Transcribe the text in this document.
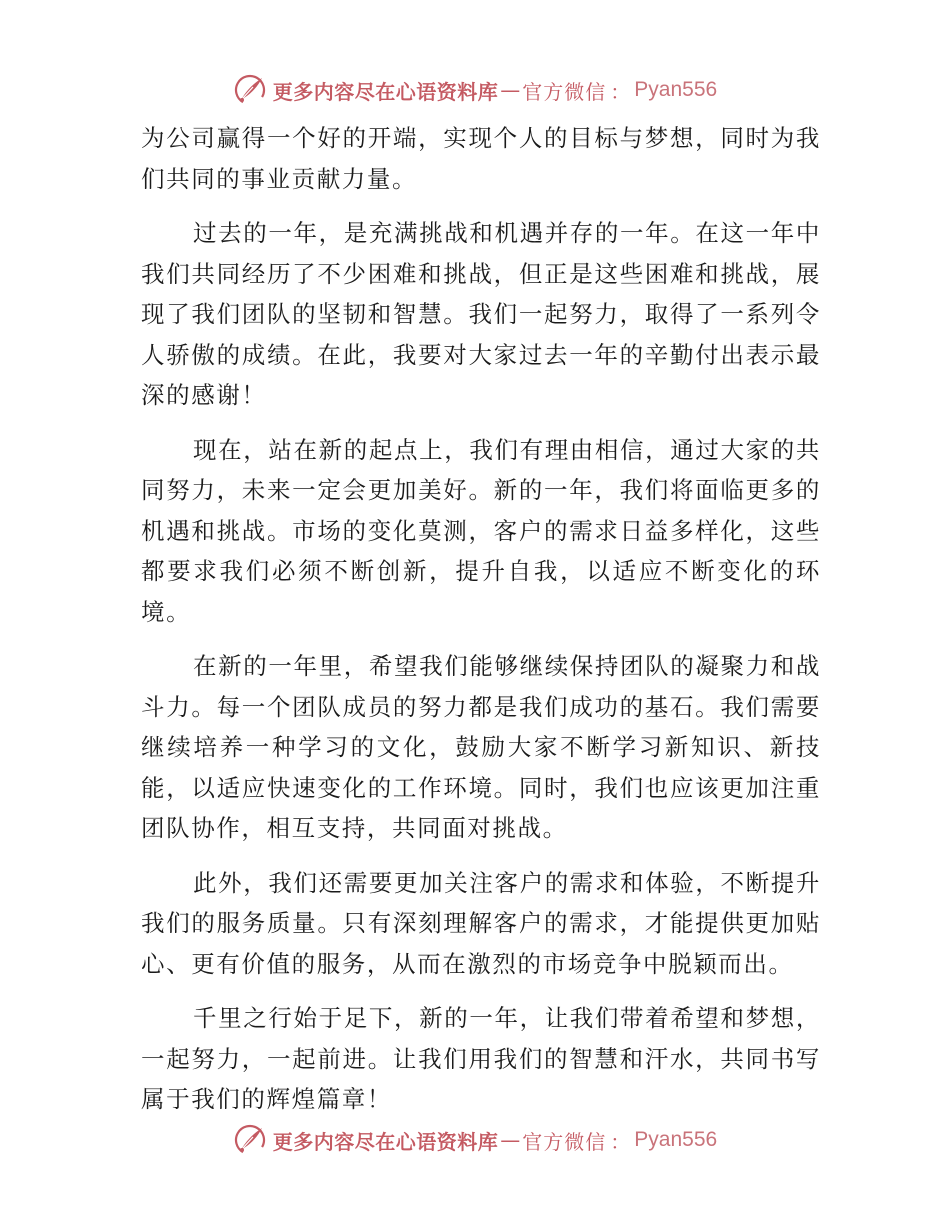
更多内容尽在心语资料库 — 官方微信 ： Pyan556

为公司赢得一个好的开端，实现个人的目标与梦想，同时为我们共同的事业贡献力量。

过去的一年，是充满挑战和机遇并存的一年。在这一年中我们共同经历了不少困难和挑战，但正是这些困难和挑战，展现了我们团队的坚韧和智慧。我们一起努力，取得了一系列令人骄傲的成绩。在此，我要对大家过去一年的辛勤付出表示最深的感谢！

现在，站在新的起点上，我们有理由相信，通过大家的共同努力，未来一定会更加美好。新的一年，我们将面临更多的机遇和挑战。市场的变化莫测，客户的需求日益多样化，这些都要求我们必须不断创新，提升自我，以适应不断变化的环境。

在新的一年里，希望我们能够继续保持团队的凝聚力和战斗力。每一个团队成员的努力都是我们成功的基石。我们需要继续培养一种学习的文化，鼓励大家不断学习新知识、新技能，以适应快速变化的工作环境。同时，我们也应该更加注重团队协作，相互支持，共同面对挑战。

此外，我们还需要更加关注客户的需求和体验，不断提升我们的服务质量。只有深刻理解客户的需求，才能提供更加贴心、更有价值的服务，从而在激烈的市场竞争中脱颖而出。

千里之行始于足下，新的一年，让我们带着希望和梦想，一起努力，一起前进。让我们用我们的智慧和汗水，共同书写属于我们的辉煌篇章！

更多内容尽在心语资料库 — 官方微信 ： Pyan556
